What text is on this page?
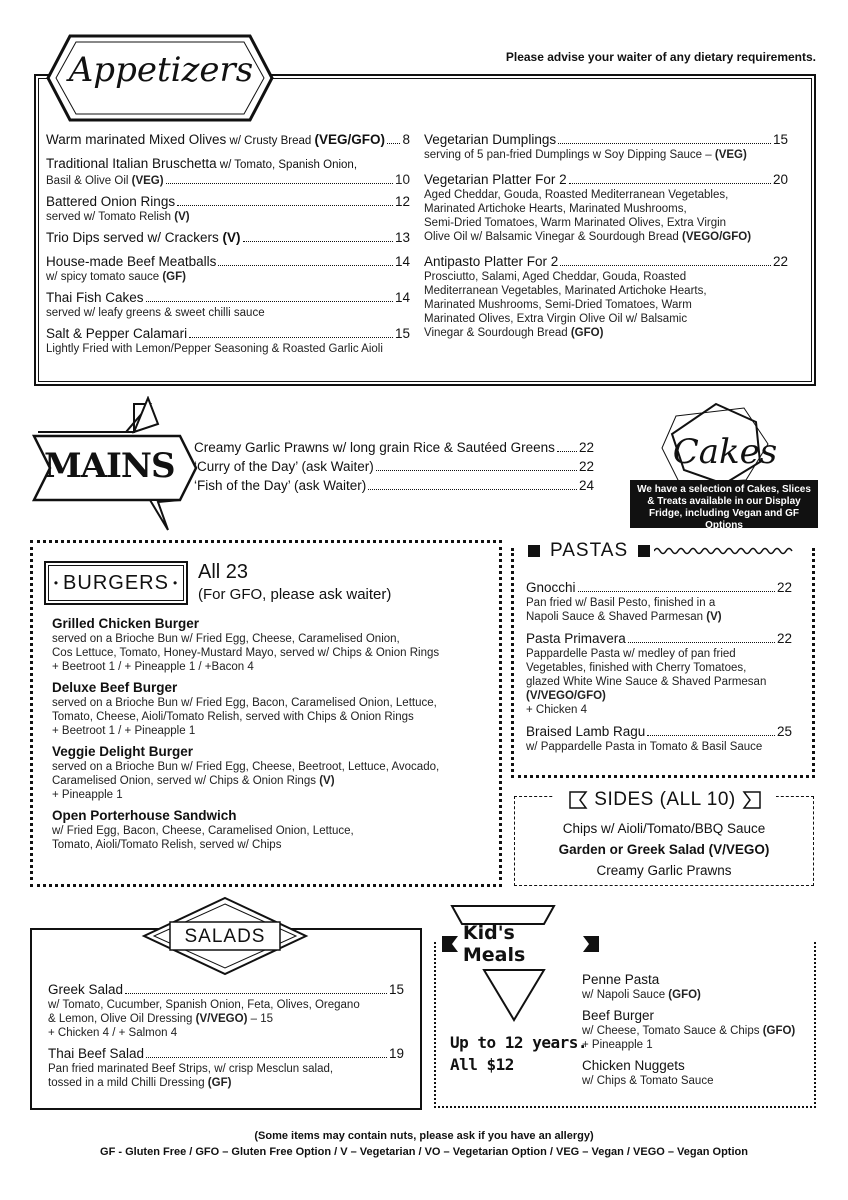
Please advise your waiter of any dietary requirements.
Appetizers
Warm marinated Mixed Olives w/ Crusty Bread (VEG/GFO) 8
Traditional Italian Bruschetta w/ Tomato, Spanish Onion,
Basil & Olive Oil (VEG)	10
Battered Onion Rings	12
served w/ Tomato Relish (V)
Trio Dips served w/ Crackers (V)	13
House-made Beef Meatballs	14
w/ spicy tomato sauce (GF)
Thai Fish Cakes	14
served w/ leafy greens & sweet chilli sauce
Salt & Pepper Calamari	15
Lightly Fried with Lemon/Pepper Seasoning & Roasted Garlic Aioli
Vegetarian Dumplings	15
serving of 5 pan-fried Dumplings w Soy Dipping Sauce – (VEG)
Vegetarian Platter For 2	20
Aged Cheddar, Gouda, Roasted Mediterranean Vegetables,
Marinated Artichoke Hearts, Marinated Mushrooms,
Semi-Dried Tomatoes, Warm Marinated Olives, Extra Virgin
Olive Oil w/ Balsamic Vinegar & Sourdough Bread (VEGO/GFO)
Antipasto Platter For 2	22
Prosciutto, Salami, Aged Cheddar, Gouda, Roasted
Mediterranean Vegetables, Marinated Artichoke Hearts,
Marinated Mushrooms, Semi-Dried Tomatoes, Warm
Marinated Olives, Extra Virgin Olive Oil w/ Balsamic
Vinegar & Sourdough Bread (GFO)
MAINS Creamy Garlic Prawns w/ long grain Rice & Sautéed Greens 22
‘Curry of the Day’ (ask Waiter)	22
‘Fish of the Day’ (ask Waiter)	24
Cakes
We have a selection of Cakes, Slices & Treats available in our Display Fridge, including Vegan and GF Options
• BURGERS • All 23
(For GFO, please ask waiter)
Grilled Chicken Burger
served on a Brioche Bun w/ Fried Egg, Cheese, Caramelised Onion,
Cos Lettuce, Tomato, Honey-Mustard Mayo, served w/ Chips & Onion Rings
+ Beetroot 1 / + Pineapple 1 / +Bacon 4
Deluxe Beef Burger
served on a Brioche Bun w/ Fried Egg, Bacon, Caramelised Onion, Lettuce,
Tomato, Cheese, Aioli/Tomato Relish, served with Chips & Onion Rings
+ Beetroot 1 / + Pineapple 1
Veggie Delight Burger
served on a Brioche Bun w/ Fried Egg, Cheese, Beetroot, Lettuce, Avocado,
Caramelised Onion, served w/ Chips & Onion Rings (V)
+ Pineapple 1
Open Porterhouse Sandwich
w/ Fried Egg, Bacon, Cheese, Caramelised Onion, Lettuce,
Tomato, Aioli/Tomato Relish, served w/ Chips
PASTAS
Gnocchi	22
Pan fried w/ Basil Pesto, finished in a
Napoli Sauce & Shaved Parmesan (V)
Pasta Primavera	22
Pappardelle Pasta w/ medley of pan fried
Vegetables, finished with Cherry Tomatoes,
glazed White Wine Sauce & Shaved Parmesan
(V/VEGO/GFO)
+ Chicken 4
Braised Lamb Ragu	25
w/ Pappardelle Pasta in Tomato & Basil Sauce
SIDES (ALL 10)
Chips w/ Aioli/Tomato/BBQ Sauce
Garden or Greek Salad (V/VEGO)
Creamy Garlic Prawns
SALADS
Greek Salad	15
w/ Tomato, Cucumber, Spanish Onion, Feta, Olives, Oregano
& Lemon, Olive Oil Dressing (V/VEGO) – 15
+ Chicken 4 / + Salmon 4
Thai Beef Salad	19
Pan fried marinated Beef Strips, w/ crisp Mesclun salad,
tossed in a mild Chilli Dressing (GF)
Kid's Meals
Up to 12 years.
All $12
Penne Pasta
w/ Napoli Sauce (GFO)
Beef Burger
w/ Cheese, Tomato Sauce & Chips (GFO)
+ Pineapple 1
Chicken Nuggets
w/ Chips & Tomato Sauce
(Some items may contain nuts, please ask if you have an allergy)
GF - Gluten Free / GFO – Gluten Free Option / V – Vegetarian / VO – Vegetarian Option / VEG – Vegan / VEGO – Vegan Option
